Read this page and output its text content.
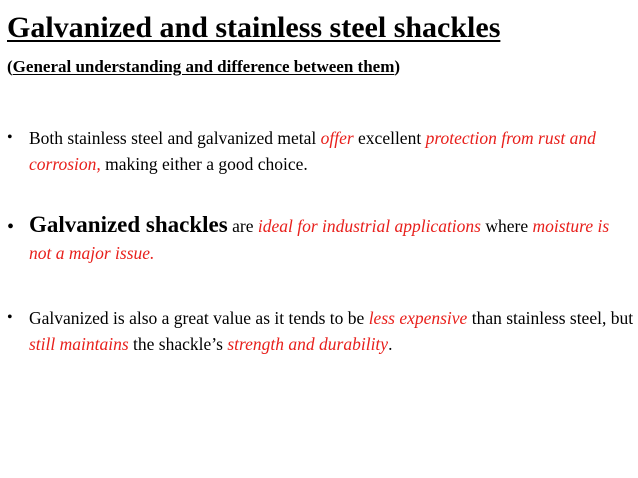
Galvanized and stainless steel shackles

(General understanding and difference between them)

• Both stainless steel and galvanized metal offer excellent protection from rust and corrosion, making either a good choice.
• Galvanized shackles are ideal for industrial applications where moisture is not a major issue.
• Galvanized is also a great value as it tends to be less expensive than stainless steel, but still maintains the shackle’s strength and durability.
